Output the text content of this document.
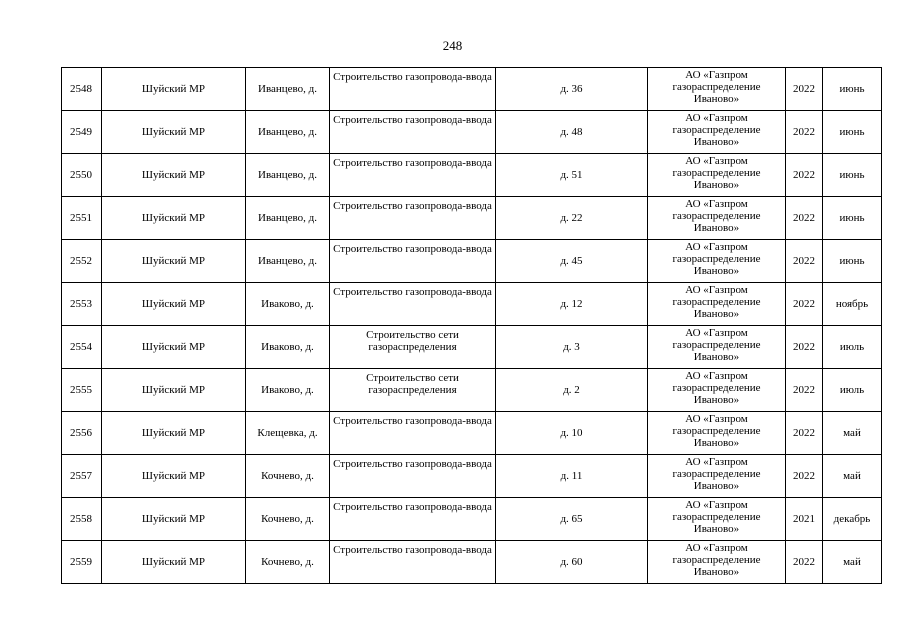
248
2548	Шуйский МР	Иванцево, д.	Строительство газопровода-ввода	д. 36	АО «Газпром газораспределение Иваново»	2022	июнь
2549	Шуйский МР	Иванцево, д.	Строительство газопровода-ввода	д. 48	АО «Газпром газораспределение Иваново»	2022	июнь
2550	Шуйский МР	Иванцево, д.	Строительство газопровода-ввода	д. 51	АО «Газпром газораспределение Иваново»	2022	июнь
2551	Шуйский МР	Иванцево, д.	Строительство газопровода-ввода	д. 22	АО «Газпром газораспределение Иваново»	2022	июнь
2552	Шуйский МР	Иванцево, д.	Строительство газопровода-ввода	д. 45	АО «Газпром газораспределение Иваново»	2022	июнь
2553	Шуйский МР	Иваково, д.	Строительство газопровода-ввода	д. 12	АО «Газпром газораспределение Иваново»	2022	ноябрь
2554	Шуйский МР	Иваково, д.	Строительство сети газораспределения	д. 3	АО «Газпром газораспределение Иваново»	2022	июль
2555	Шуйский МР	Иваково, д.	Строительство сети газораспределения	д. 2	АО «Газпром газораспределение Иваново»	2022	июль
2556	Шуйский МР	Клещевка, д.	Строительство газопровода-ввода	д. 10	АО «Газпром газораспределение Иваново»	2022	май
2557	Шуйский МР	Кочнево, д.	Строительство газопровода-ввода	д. 11	АО «Газпром газораспределение Иваново»	2022	май
2558	Шуйский МР	Кочнево, д.	Строительство газопровода-ввода	д. 65	АО «Газпром газораспределение Иваново»	2021	декабрь
2559	Шуйский МР	Кочнево, д.	Строительство газопровода-ввода	д. 60	АО «Газпром газораспределение Иваново»	2022	май
